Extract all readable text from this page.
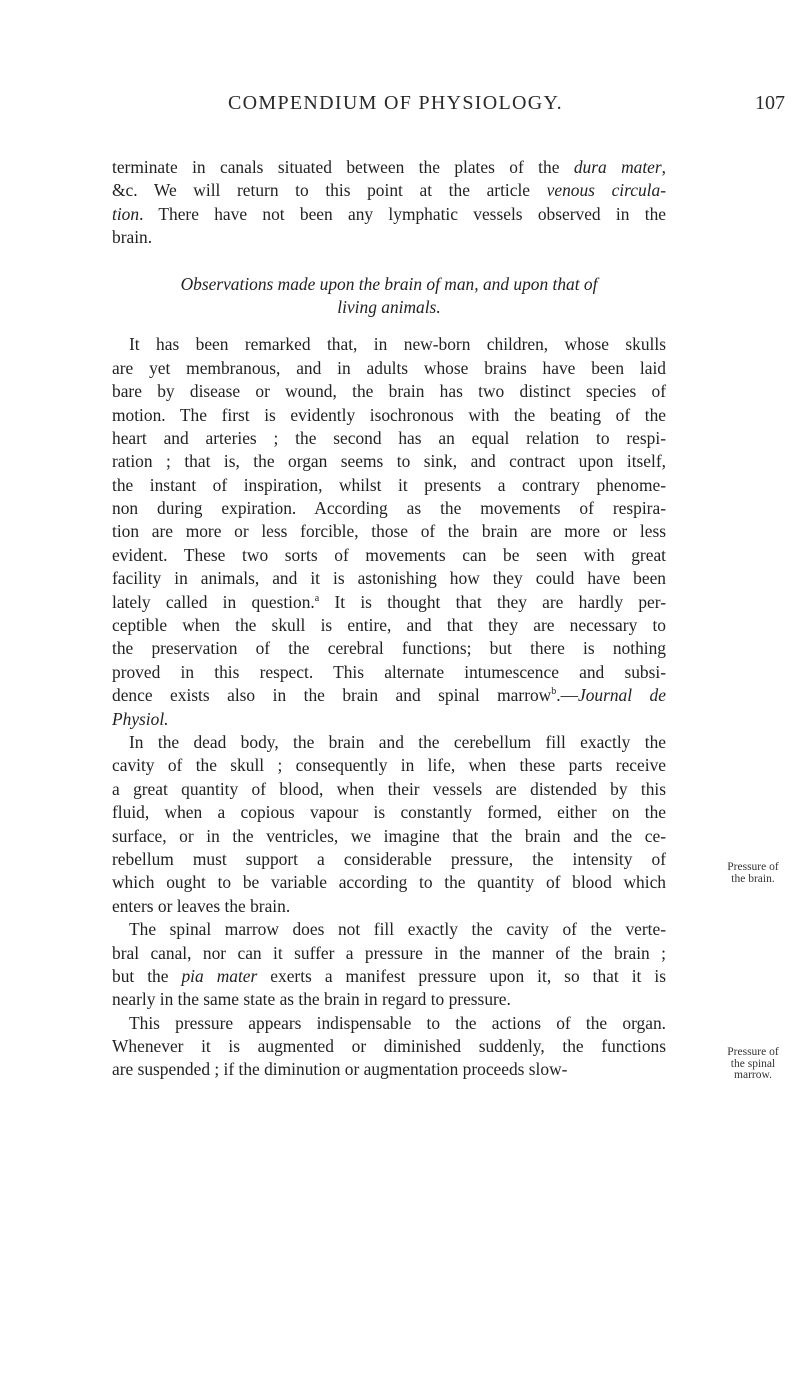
COMPENDIUM OF PHYSIOLOGY.	107
terminate in canals situated between the plates of the dura mater,
&c. We will return to this point at the article venous circula-
tion. There have not been any lymphatic vessels observed in the
brain.
Observations made upon the brain of man, and upon that of
living animals.
It has been remarked that, in new-born children, whose skulls
are yet membranous, and in adults whose brains have been laid
bare by disease or wound, the brain has two distinct species of
motion. The first is evidently isochronous with the beating of the
heart and arteries ; the second has an equal relation to respi-
ration ; that is, the organ seems to sink, and contract upon itself,
the instant of inspiration, whilst it presents a contrary phenome-
non during expiration. According as the movements of respira-
tion are more or less forcible, those of the brain are more or less
evident. These two sorts of movements can be seen with great
facility in animals, and it is astonishing how they could have been
lately called in question.$^a$ It is thought that they are hardly per-
ceptible when the skull is entire, and that they are necessary to
the preservation of the cerebral functions; but there is nothing
proved in this respect. This alternate intumescence and subsi-
dence exists also in the brain and spinal marrow$^b$.—Journal de
Physiol.
In the dead body, the brain and the cerebellum fill exactly the
cavity of the skull ; consequently in life, when these parts receive
a great quantity of blood, when their vessels are distended by this
fluid, when a copious vapour is constantly formed, either on the
surface, or in the ventricles, we imagine that the brain and the ce-
rebellum must support a considerable pressure, the intensity of
which ought to be variable according to the quantity of blood which
enters or leaves the brain.
The spinal marrow does not fill exactly the cavity of the verte-
bral canal, nor can it suffer a pressure in the manner of the brain ;
but the pia mater exerts a manifest pressure upon it, so that it is
nearly in the same state as the brain in regard to pressure.
This pressure appears indispensable to the actions of the organ.
Whenever it is augmented or diminished suddenly, the functions
are suspended ; if the diminution or augmentation proceeds slow-
Pressure of
the brain.
Pressure of
the spinal
marrow.
